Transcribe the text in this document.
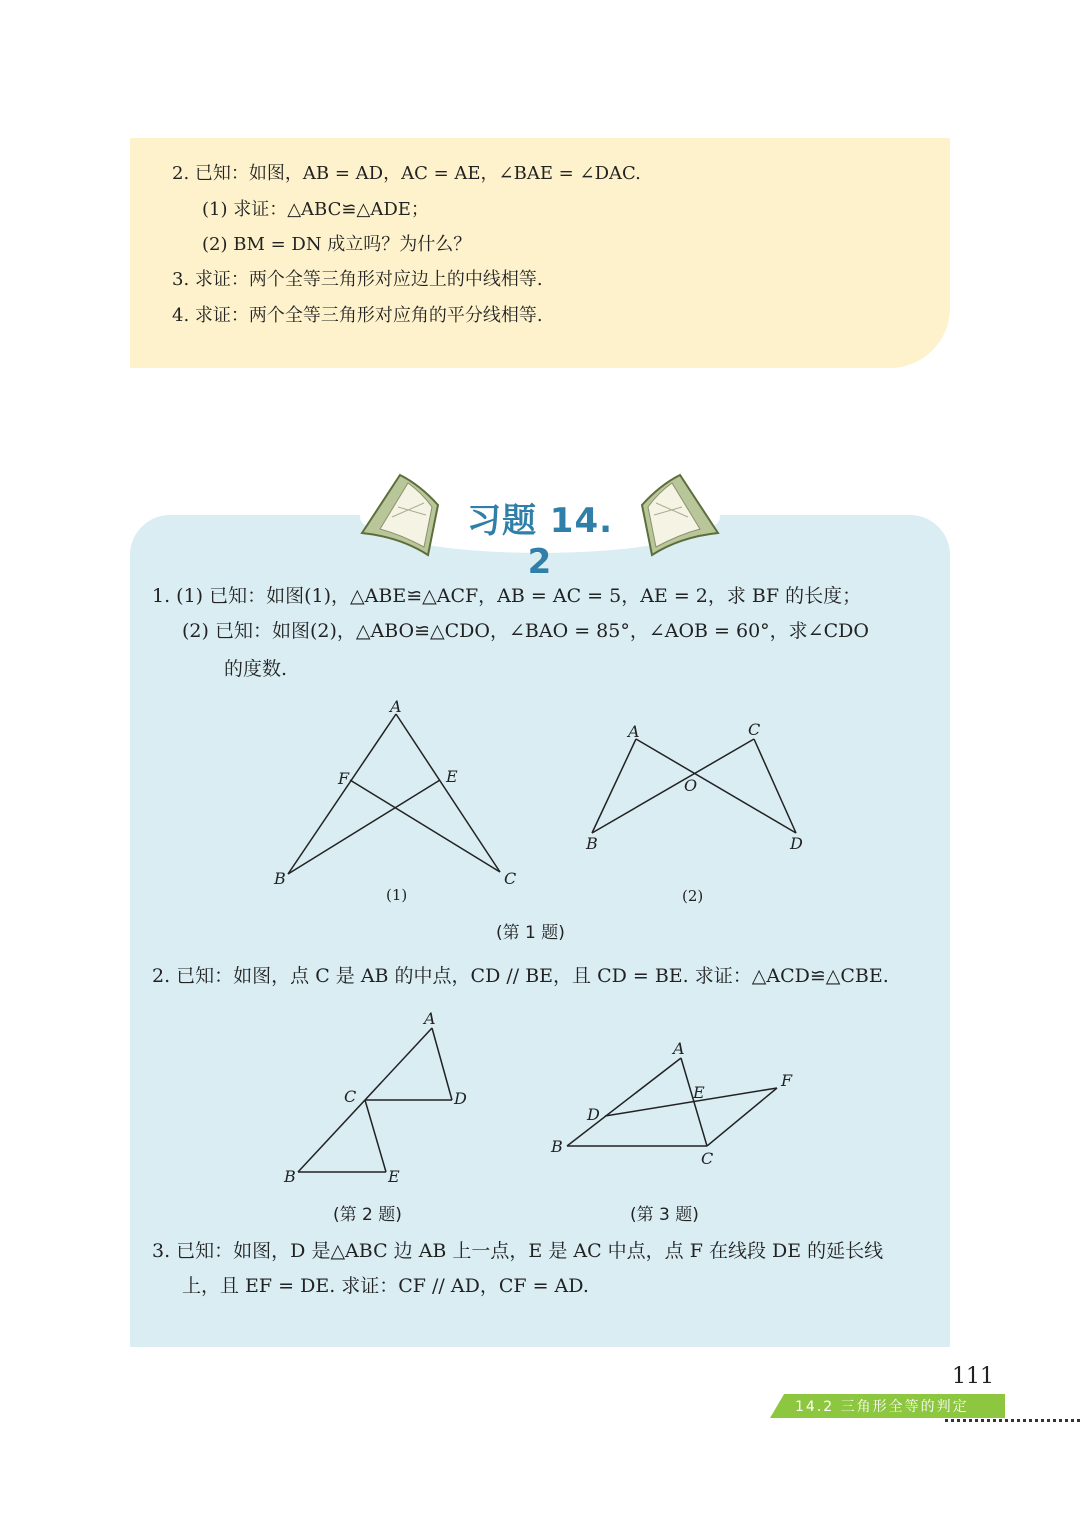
2. 已知：如图，AB = AD，AC = AE，∠BAE = ∠DAC.
(1) 求证：△ABC≌△ADE；
(2) BM = DN 成立吗？为什么？
3. 求证：两个全等三角形对应边上的中线相等.
4. 求证：两个全等三角形对应角的平分线相等.
习题 14. 2
1. (1) 已知：如图(1)，△ABE≌△ACF，AB = AC = 5，AE = 2，求 BF 的长度；
(2) 已知：如图(2)，△ABO≌△CDO，∠BAO = 85°，∠AOB = 60°，求∠CDO
的度数.
A
F	E
B	C
(1)
A	C
O
B	D
(2)
(第 1 题)
2. 已知：如图，点 C 是 AB 的中点，CD // BE，且 CD = BE. 求证：△ACD≌△CBE.
A
C	D
B	E
(第 2 题)
A
F
E
D
B
C
(第 3 题)
3. 已知：如图，D 是△ABC 边 AB 上一点，E 是 AC 中点，点 F 在线段 DE 的延长线
上，且 EF = DE. 求证：CF // AD，CF = AD.
111
14.2 三角形全等的判定
